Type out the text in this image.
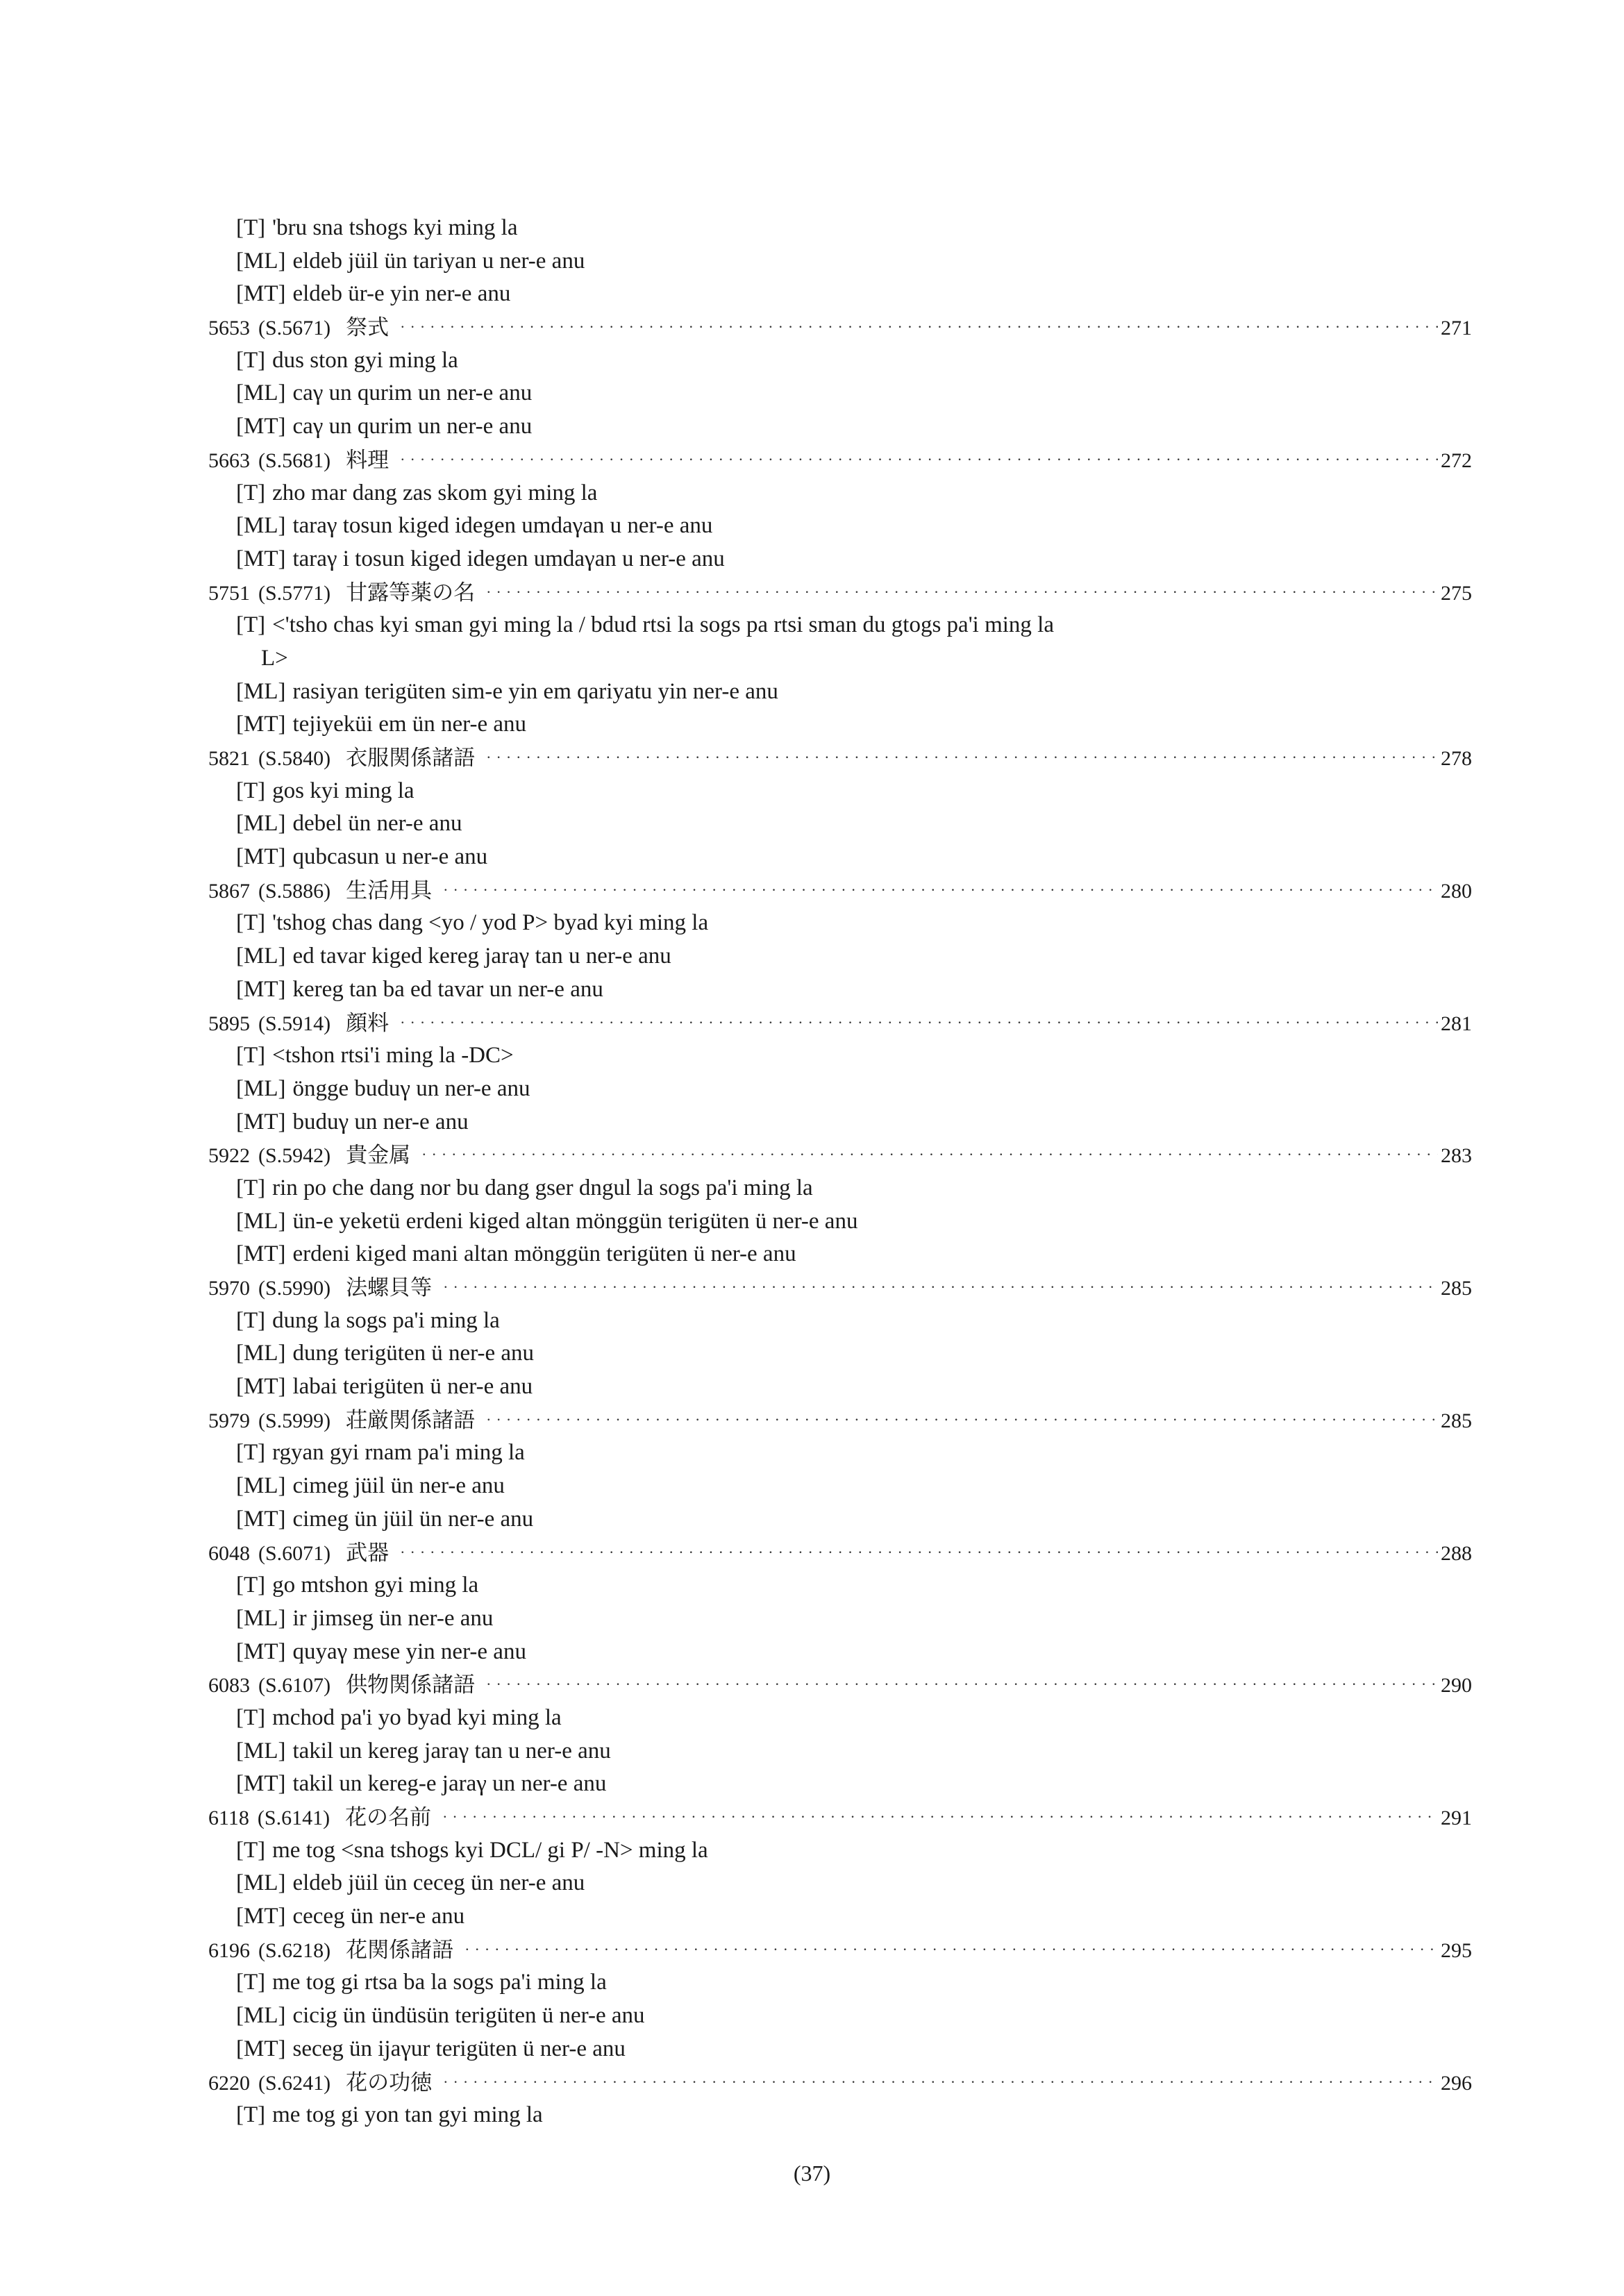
[T] 'bru sna tshogs kyi ming la
[ML] eldeb jüil ün tariyan u ner-e anu
[MT] eldeb ür-e yin ner-e anu
5653 (S.5671) 祭式 ·····	271
[T] dus ston gyi ming la
[ML] caγ un qurim un ner-e anu
[MT] caγ un qurim un ner-e anu
5663 (S.5681) 料理 ·····	272
[T] zho mar dang zas skom gyi ming la
[ML] taraγ tosun kiged idegen umdaγan u ner-e anu
[MT] taraγ i tosun kiged idegen umdaγan u ner-e anu
5751 (S.5771) 甘露等薬の名 ·····	275
[T] <'tsho chas kyi sman gyi ming la / bdud rtsi la sogs pa rtsi sman du gtogs pa'i ming la
L>
[ML] rasiyan terigüten sim-e yin em qariyatu yin ner-e anu
[MT] tejiyeküi em ün ner-e anu
5821 (S.5840) 衣服関係諸語 ·····	278
[T] gos kyi ming la
[ML] debel ün ner-e anu
[MT] qubcasun u ner-e anu
5867 (S.5886) 生活用具 ·····	280
[T] 'tshog chas dang <yo / yod P> byad kyi ming la
[ML] ed tavar kiged kereg jaraγ tan u ner-e anu
[MT] kereg tan ba ed tavar un ner-e anu
5895 (S.5914) 顔料 ·····	281
[T] <tshon rtsi'i ming la -DC>
[ML] öngge buduγ un ner-e anu
[MT] buduγ un ner-e anu
5922 (S.5942) 貴金属 ·····	283
[T] rin po che dang nor bu dang gser dngul la sogs pa'i ming la
[ML] ün-e yeketü erdeni kiged altan mönggün terigüten ü ner-e anu
[MT] erdeni kiged mani altan mönggün terigüten ü ner-e anu
5970 (S.5990) 法螺貝等 ·····	285
[T] dung la sogs pa'i ming la
[ML] dung terigüten ü ner-e anu
[MT] labai terigüten ü ner-e anu
5979 (S.5999) 荘厳関係諸語 ·····	285
[T] rgyan gyi rnam pa'i ming la
[ML] cimeg jüil ün ner-e anu
[MT] cimeg ün jüil ün ner-e anu
6048 (S.6071) 武器 ·····	288
[T] go mtshon gyi ming la
[ML] ir jimseg ün ner-e anu
[MT] quyaγ mese yin ner-e anu
6083 (S.6107) 供物関係諸語 ·····	290
[T] mchod pa'i yo byad kyi ming la
[ML] takil un kereg jaraγ tan u ner-e anu
[MT] takil un kereg-e jaraγ un ner-e anu
6118 (S.6141) 花の名前 ·····	291
[T] me tog <sna tshogs kyi DCL/ gi P/ -N> ming la
[ML] eldeb jüil ün ceceg ün ner-e anu
[MT] ceceg ün ner-e anu
6196 (S.6218) 花関係諸語 ·····	295
[T] me tog gi rtsa ba la sogs pa'i ming la
[ML] cicig ün ündüsün terigüten ü ner-e anu
[MT] seceg ün ijaγur terigüten ü ner-e anu
6220 (S.6241) 花の功徳 ·····	296
[T] me tog gi yon tan gyi ming la
(37)
